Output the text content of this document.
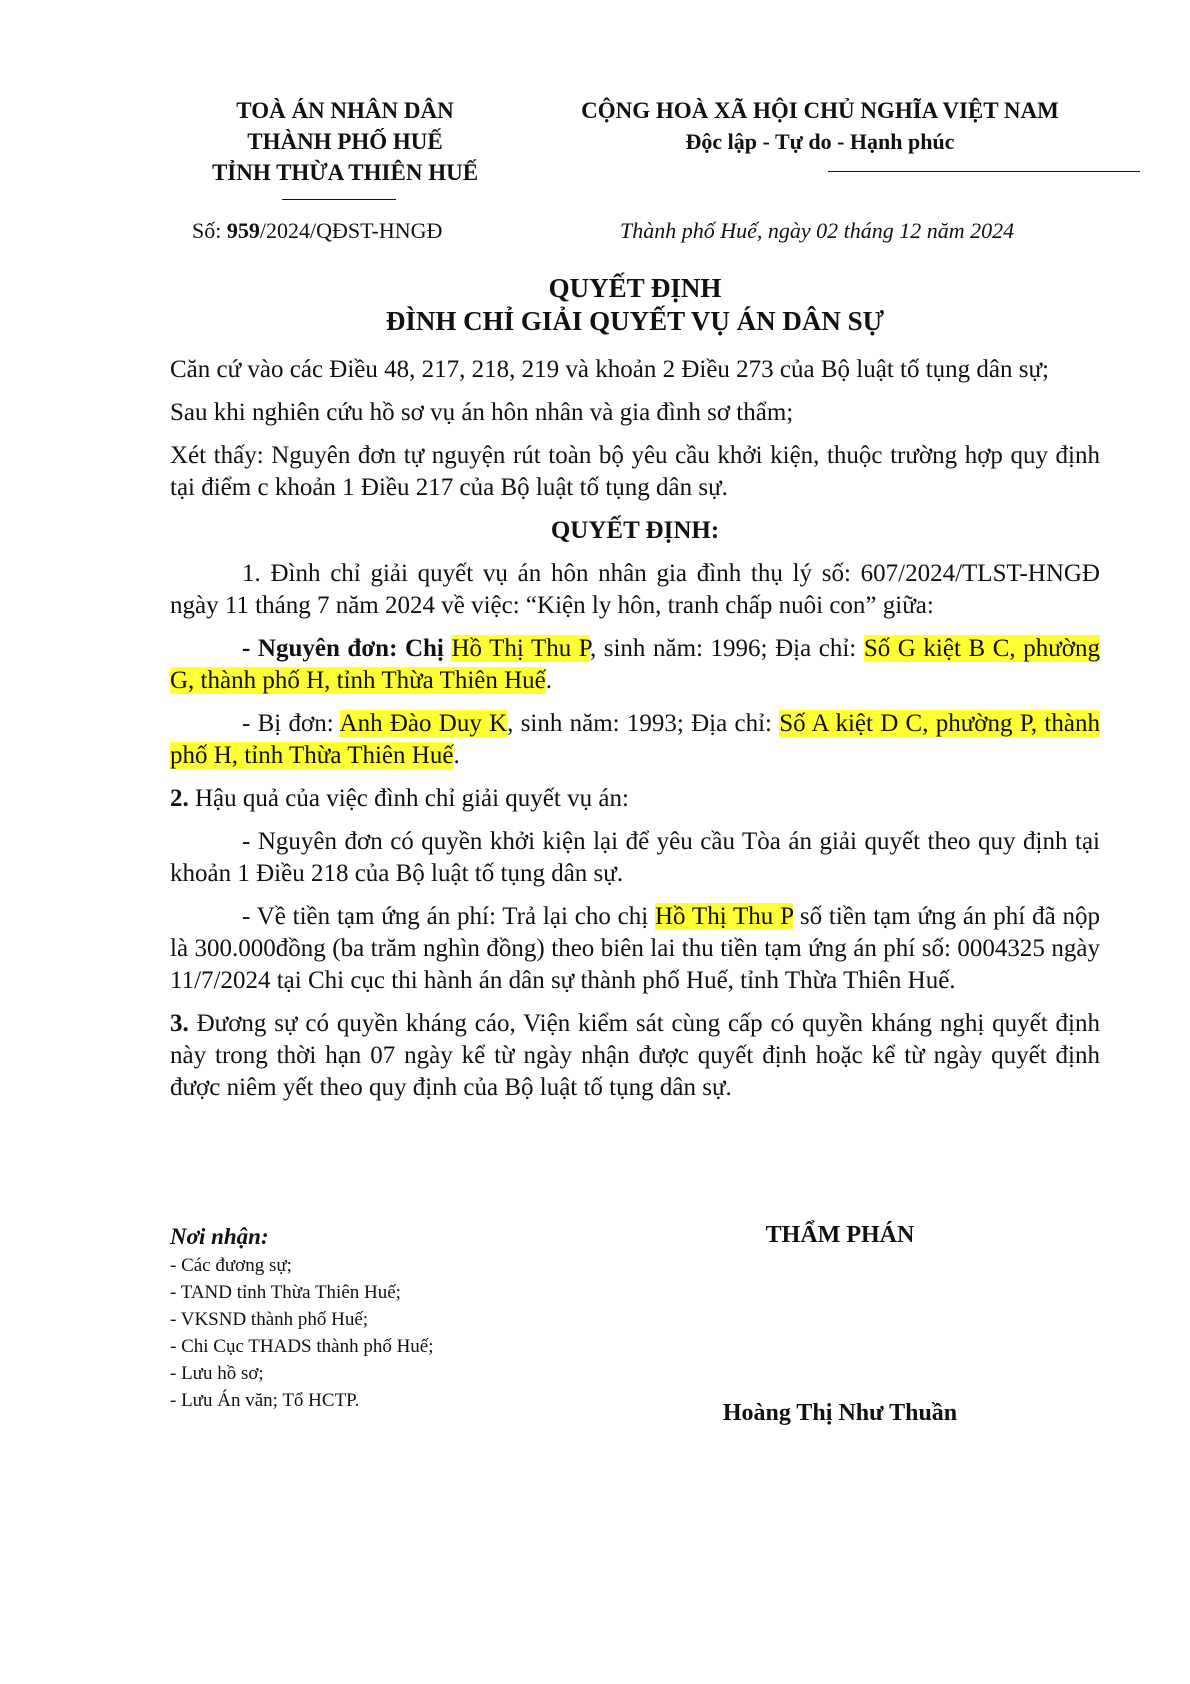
TOÀ ÁN NHÂN DÂN
THÀNH PHỐ HUẾ
TỈNH THỪA THIÊN HUẾ
CỘNG HOÀ XÃ HỘI CHỦ NGHĨA VIỆT NAM
Độc lập - Tự do - Hạnh phúc
Số: 959/2024/QĐST-HNGĐ	Thành phố Huế, ngày 02 tháng 12 năm 2024
QUYẾT ĐỊNH
ĐÌNH CHỈ GIẢI QUYẾT VỤ ÁN DÂN SỰ

Căn cứ vào các Điều 48, 217, 218, 219 và khoản 2 Điều 273 của Bộ luật tố tụng dân sự;

Sau khi nghiên cứu hồ sơ vụ án hôn nhân và gia đình sơ thẩm;

Xét thấy: Nguyên đơn tự nguyện rút toàn bộ yêu cầu khởi kiện, thuộc trường hợp quy định tại điểm c khoản 1 Điều 217 của Bộ luật tố tụng dân sự.

QUYẾT ĐỊNH:

1. Đình chỉ giải quyết vụ án hôn nhân gia đình thụ lý số: 607/2024/TLST-HNGĐ ngày 11 tháng 7 năm 2024 về việc: “Kiện ly hôn, tranh chấp nuôi con” giữa:

- Nguyên đơn: Chị Hồ Thị Thu P, sinh năm: 1996; Địa chỉ: Số G kiệt B C, phường G, thành phố H, tỉnh Thừa Thiên Huế.

- Bị đơn: Anh Đào Duy K, sinh năm: 1993; Địa chỉ: Số A kiệt D C, phường P, thành phố H, tỉnh Thừa Thiên Huế.

2. Hậu quả của việc đình chỉ giải quyết vụ án:

- Nguyên đơn có quyền khởi kiện lại để yêu cầu Tòa án giải quyết theo quy định tại khoản 1 Điều 218 của Bộ luật tố tụng dân sự.

- Về tiền tạm ứng án phí: Trả lại cho chị Hồ Thị Thu P số tiền tạm ứng án phí đã nộp là 300.000đồng (ba trăm nghìn đồng) theo biên lai thu tiền tạm ứng án phí số: 0004325 ngày 11/7/2024 tại Chi cục thi hành án dân sự thành phố Huế, tỉnh Thừa Thiên Huế.

3. Đương sự có quyền kháng cáo, Viện kiểm sát cùng cấp có quyền kháng nghị quyết định này trong thời hạn 07 ngày kể từ ngày nhận được quyết định hoặc kể từ ngày quyết định được niêm yết theo quy định của Bộ luật tố tụng dân sự.

Nơi nhận:
- Các đương sự;
- TAND tỉnh Thừa Thiên Huế;
- VKSND thành phố Huế;
- Chi Cục THADS thành phố Huế;
- Lưu hồ sơ;
- Lưu Án văn; Tổ HCTP.
THẨM PHÁN
Hoàng Thị Như Thuần
